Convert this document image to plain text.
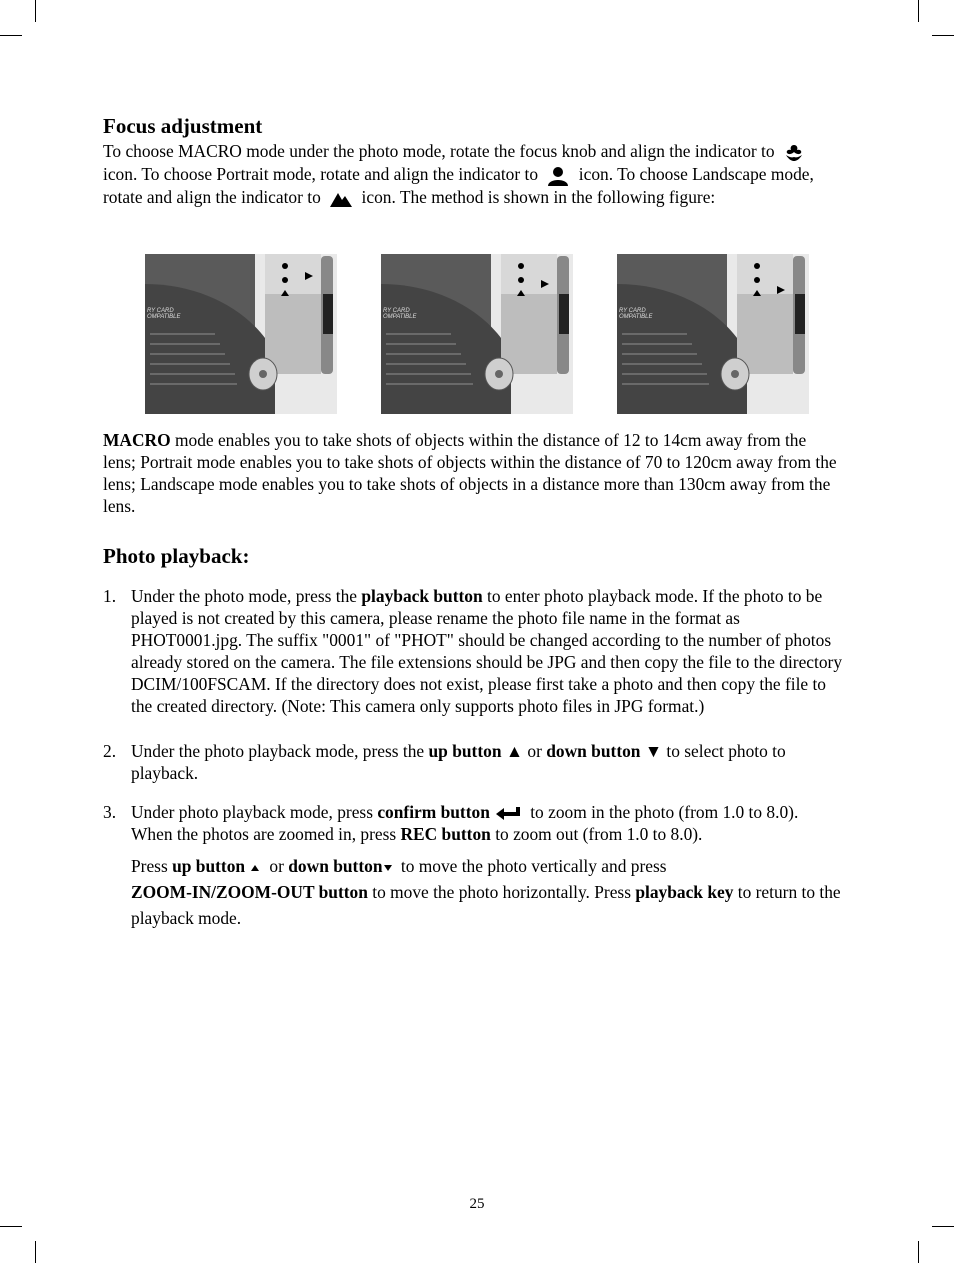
Focus adjustment
To choose MACRO mode under the photo mode, rotate the focus knob and align the indicator to
icon. To choose Portrait mode, rotate and align the indicator to icon. To choose Landscape mode, rotate and align the indicator to icon. The method is shown in the following figure:
RY CARD
OMPATIBLE
RY CARD
OMPATIBLE
RY CARD
OMPATIBLE
MACRO mode enables you to take shots of objects within the distance of 12 to 14cm away from the lens; Portrait mode enables you to take shots of objects within the distance of 70 to 120cm away from the lens; Landscape mode enables you to take shots of objects in a distance more than 130cm away from the lens.
Photo playback:
1. Under the photo mode, press the playback button to enter photo playback mode. If the photo to be played is not created by this camera, please rename the photo file name in the format as PHOT0001.jpg. The suffix "0001" of "PHOT" should be changed according to the number of photos already stored on the camera. The file extensions should be JPG and then copy the file to the directory DCIM/100FSCAM. If the directory does not exist, please first take a photo and then copy the file to the created directory. (Note: This camera only supports photo files in JPG format.)
2. Under the photo playback mode, press the up button ▲ or down button ▼ to select photo to playback.
3. Under photo playback mode, press confirm button
to zoom in the photo (from 1.0 to 8.0). When the photos are zoomed in, press REC button to zoom out (from 1.0 to 8.0).
Press up button
or down button
to move the photo vertically and press
ZOOM-IN/ZOOM-OUT button to move the photo horizontally. Press playback key to return to the playback mode.
25
